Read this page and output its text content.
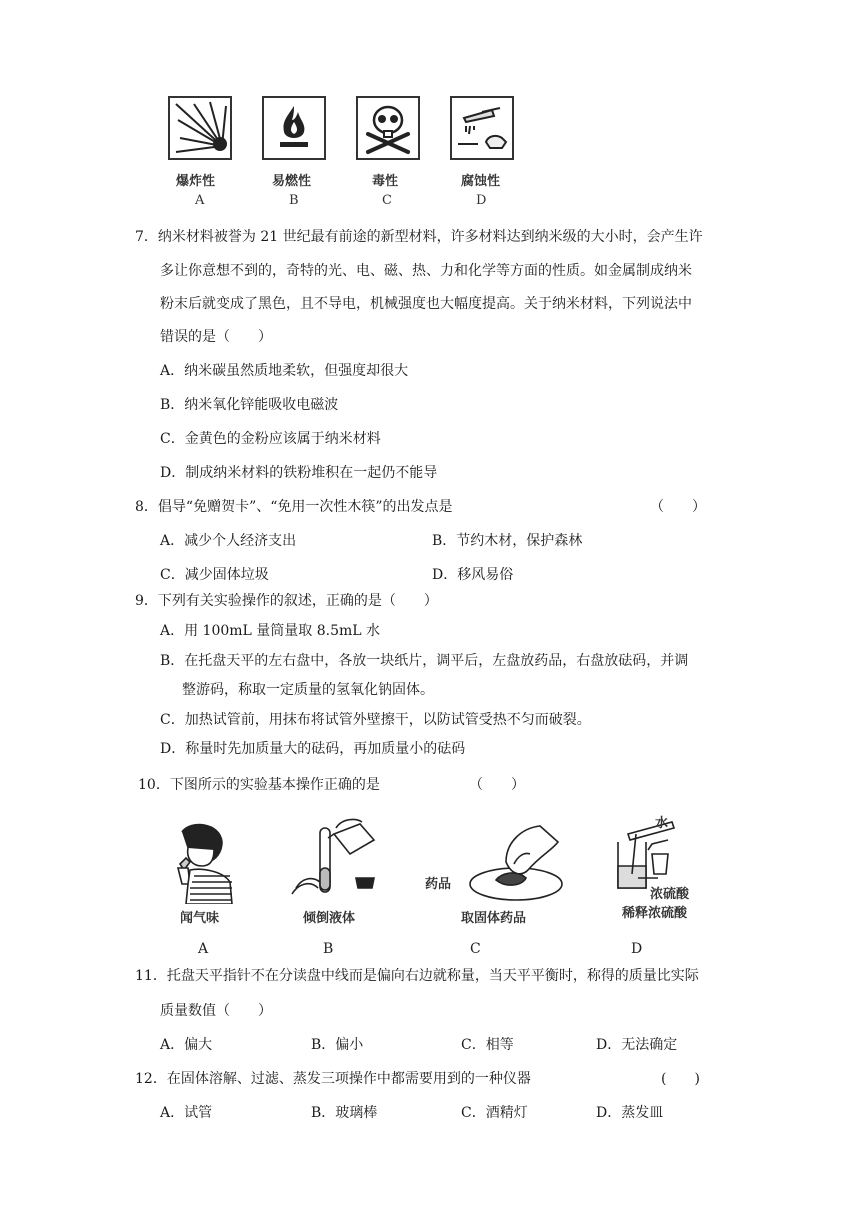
爆炸性	易燃性	毒性	腐蚀性
A	B	C	D
7．纳米材料被誉为 21 世纪最有前途的新型材料，许多材料达到纳米级的大小时，会产生许
多让你意想不到的，奇特的光、电、磁、热、力和化学等方面的性质。如金属制成纳米
粉末后就变成了黑色，且不导电，机械强度也大幅度提高。关于纳米材料，下列说法中
错误的是（　　）
A．纳米碳虽然质地柔软，但强度却很大
B．纳米氧化锌能吸收电磁波
C．金黄色的金粉应该属于纳米材料
D．制成纳米材料的铁粉堆积在一起仍不能导
8．倡导“免赠贺卡”、“免用一次性木筷”的出发点是	（　　）
A．减少个人经济支出	B．节约木材，保护森林
C．减少固体垃圾	D．移风易俗
9．下列有关实验操作的叙述，正确的是（　　）
A．用 100mL 量筒量取 8.5mL 水
B．在托盘天平的左右盘中，各放一块纸片，调平后，左盘放药品，右盘放砝码，并调
整游码，称取一定质量的氢氧化钠固体。
C．加热试管前，用抹布将试管外壁擦干，以防试管受热不匀而破裂。
D．称量时先加质量大的砝码，再加质量小的砝码
10．下图所示的实验基本操作正确的是	（　　）
闻气味
A
倾倒液体
B
药品
取固体药品
C
水
浓硫酸
稀释浓硫酸
D
11．托盘天平指针不在分读盘中线而是偏向右边就称量，当天平平衡时，称得的质量比实际
质量数值（　　）
A．偏大	B．偏小	C．相等	D．无法确定
12．在固体溶解、过滤、蒸发三项操作中都需要用到的一种仪器	(　　)
A．试管	B．玻璃棒	C．酒精灯	D．蒸发皿
